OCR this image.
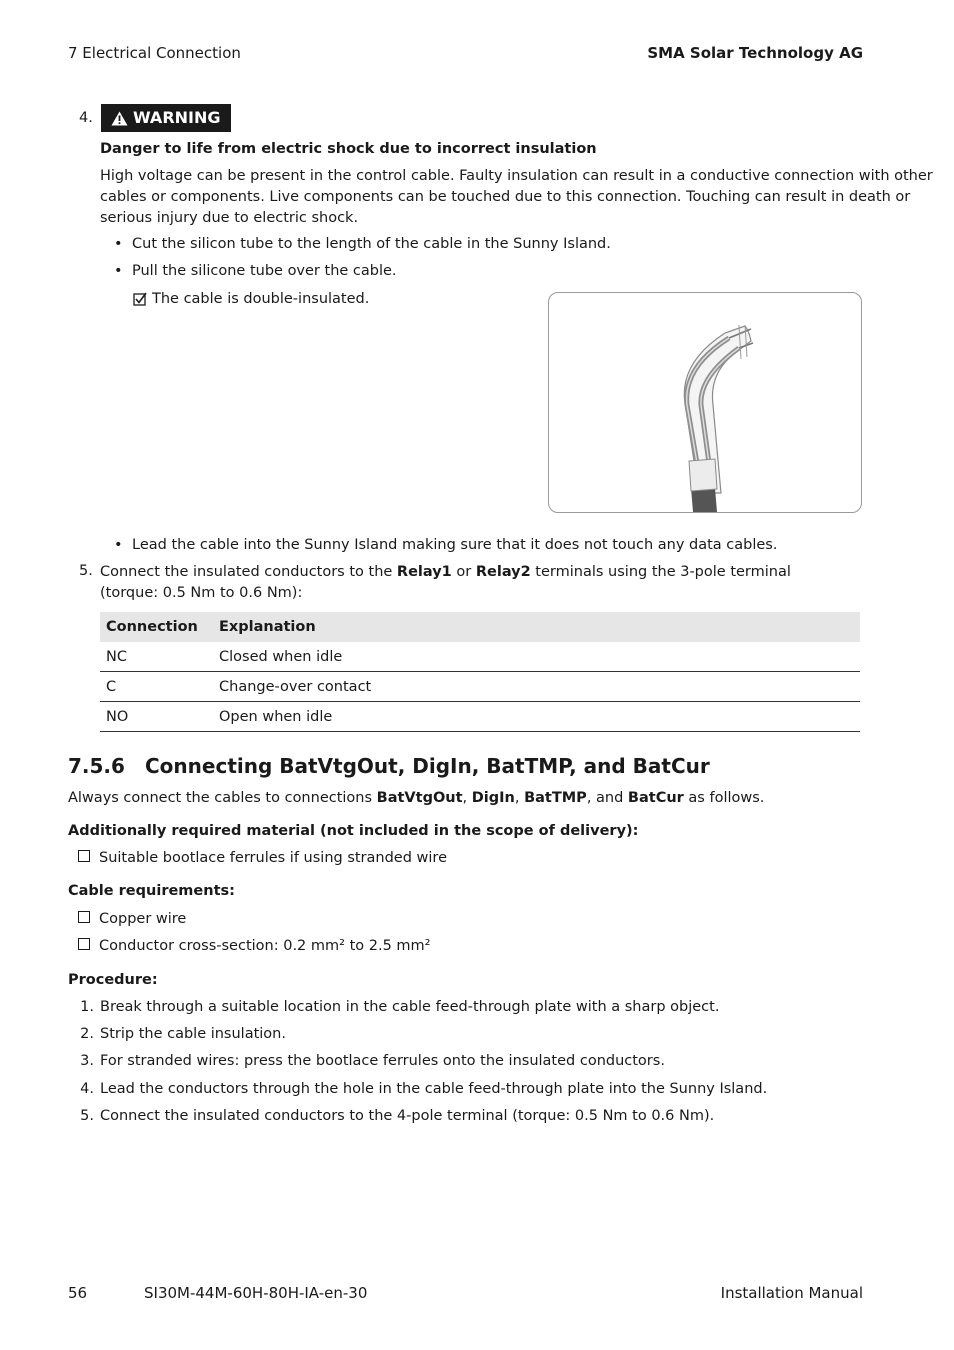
7 Electrical Connection	SMA Solar Technology AG
4.	WARNING
Danger to life from electric shock due to incorrect insulation
High voltage can be present in the control cable. Faulty insulation can result in a conductive connection with other
cables or components. Live components can be touched due to this connection. Touching can result in death or
serious injury due to electric shock.
• Cut the silicon tube to the length of the cable in the Sunny Island.
• Pull the silicone tube over the cable.
The cable is double-insulated.
• Lead the cable into the Sunny Island making sure that it does not touch any data cables.
5. Connect the insulated conductors to the Relay1 or Relay2 terminals using the 3-pole terminal
(torque: 0.5 Nm to 0.6 Nm):
Connection	Explanation
NC	Closed when idle
C	Change-over contact
NO	Open when idle
7.5.6 Connecting BatVtgOut, DigIn, BatTMP, and BatCur
Always connect the cables to connections BatVtgOut, DigIn, BatTMP, and BatCur as follows.
Additionally required material (not included in the scope of delivery):
Suitable bootlace ferrules if using stranded wire
Cable requirements:
Copper wire
Conductor cross-section: 0.2 mm² to 2.5 mm²
Procedure:
1. Break through a suitable location in the cable feed-through plate with a sharp object.
2. Strip the cable insulation.
3. For stranded wires: press the bootlace ferrules onto the insulated conductors.
4. Lead the conductors through the hole in the cable feed-through plate into the Sunny Island.
5. Connect the insulated conductors to the 4-pole terminal (torque: 0.5 Nm to 0.6 Nm).
56	SI30M-44M-60H-80H-IA-en-30	Installation Manual
